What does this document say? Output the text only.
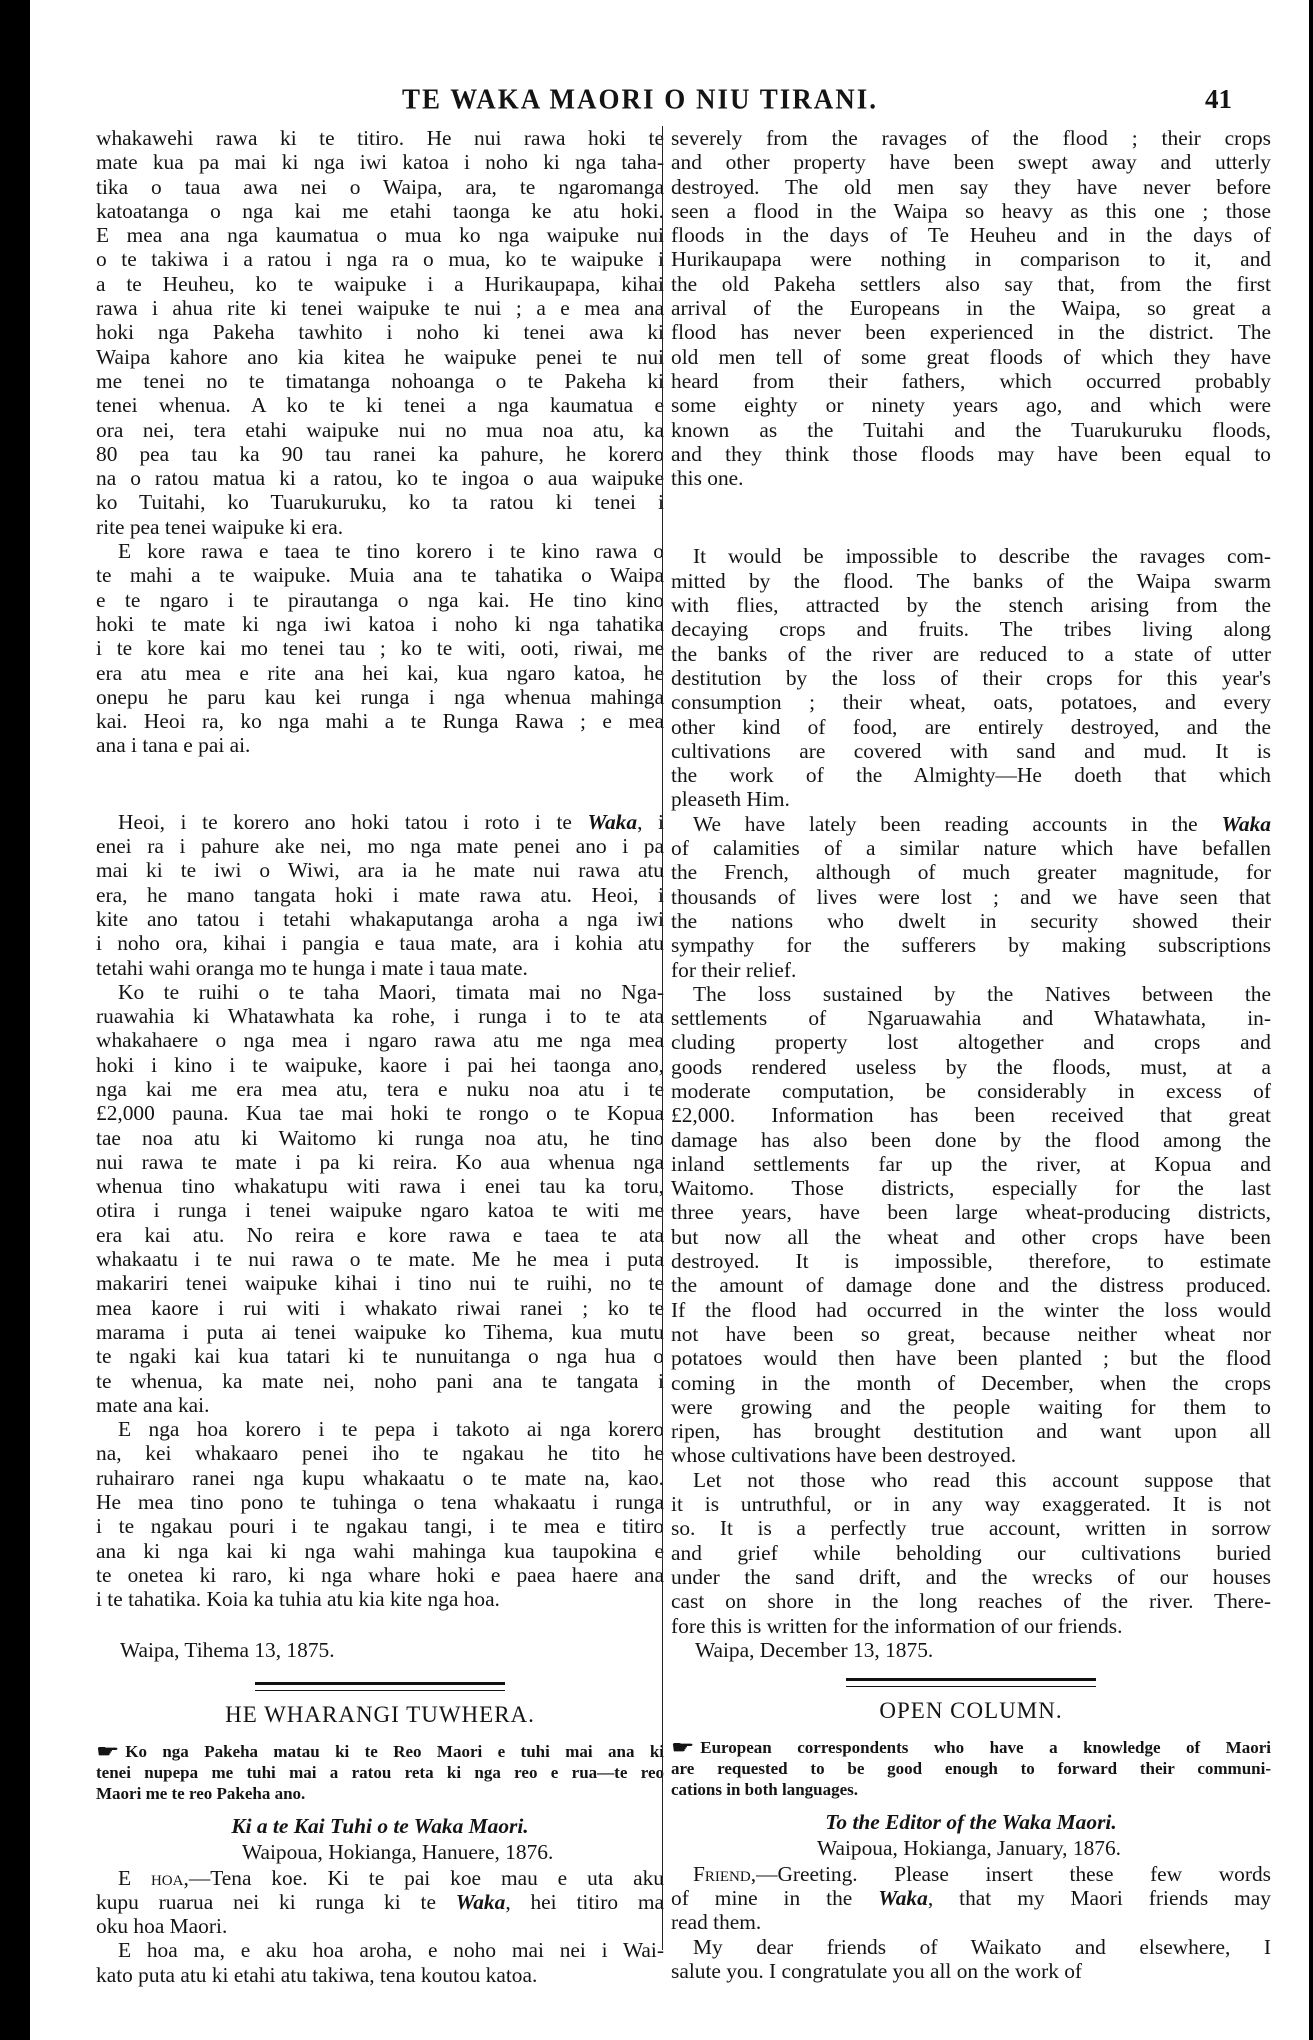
TE WAKA MAORI O NIU TIRANI.	41
whakawehi rawa ki te titiro. He nui rawa hoki te
mate kua pa mai ki nga iwi katoa i noho ki nga taha-
tika o taua awa nei o Waipa, ara, te ngaromanga
katoatanga o nga kai me etahi taonga ke atu hoki.
E mea ana nga kaumatua o mua ko nga waipuke nui
o te takiwa i a ratou i nga ra o mua, ko te waipuke i
a te Heuheu, ko te waipuke i a Hurikaupapa, kihai
rawa i ahua rite ki tenei waipuke te nui ; a e mea ana
hoki nga Pakeha tawhito i noho ki tenei awa ki
Waipa kahore ano kia kitea he waipuke penei te nui
me tenei no te timatanga nohoanga o te Pakeha ki
tenei whenua. A ko te ki tenei a nga kaumatua e
ora nei, tera etahi waipuke nui no mua noa atu, ka
80 pea tau ka 90 tau ranei ka pahure, he korero
na o ratou matua ki a ratou, ko te ingoa o aua waipuke
ko Tuitahi, ko Tuarukuruku, ko ta ratou ki tenei i
rite pea tenei waipuke ki era.
E kore rawa e taea te tino korero i te kino rawa o
te mahi a te waipuke. Muia ana te tahatika o Waipa
e te ngaro i te pirautanga o nga kai. He tino kino
hoki te mate ki nga iwi katoa i noho ki nga tahatika
i te kore kai mo tenei tau ; ko te witi, ooti, riwai, me
era atu mea e rite ana hei kai, kua ngaro katoa, he
onepu he paru kau kei runga i nga whenua mahinga
kai. Heoi ra, ko nga mahi a te Runga Rawa ; e mea
ana i tana e pai ai.
Heoi, i te korero ano hoki tatou i roto i te Waka, i
enei ra i pahure ake nei, mo nga mate penei ano i pa
mai ki te iwi o Wiwi, ara ia he mate nui rawa atu
era, he mano tangata hoki i mate rawa atu. Heoi, i
kite ano tatou i tetahi whakaputanga aroha a nga iwi
i noho ora, kihai i pangia e taua mate, ara i kohia atu
tetahi wahi oranga mo te hunga i mate i taua mate.
Ko te ruihi o te taha Maori, timata mai no Nga-
ruawahia ki Whatawhata ka rohe, i runga i to te ata
whakahaere o nga mea i ngaro rawa atu me nga mea
hoki i kino i te waipuke, kaore i pai hei taonga ano,
nga kai me era mea atu, tera e nuku noa atu i te
£2,000 pauna. Kua tae mai hoki te rongo o te Kopua
tae noa atu ki Waitomo ki runga noa atu, he tino
nui rawa te mate i pa ki reira. Ko aua whenua nga
whenua tino whakatupu witi rawa i enei tau ka toru,
otira i runga i tenei waipuke ngaro katoa te witi me
era kai atu. No reira e kore rawa e taea te ata
whakaatu i te nui rawa o te mate. Me he mea i puta
makariri tenei waipuke kihai i tino nui te ruihi, no te
mea kaore i rui witi i whakato riwai ranei ; ko te
marama i puta ai tenei waipuke ko Tihema, kua mutu
te ngaki kai kua tatari ki te nunuitanga o nga hua o
te whenua, ka mate nei, noho pani ana te tangata i
mate ana kai.
E nga hoa korero i te pepa i takoto ai nga korero
na, kei whakaaro penei iho te ngakau he tito he
ruhairaro ranei nga kupu whakaatu o te mate na, kao.
He mea tino pono te tuhinga o tena whakaatu i runga
i te ngakau pouri i te ngakau tangi, i te mea e titiro
ana ki nga kai ki nga wahi mahinga kua taupokina e
te onetea ki raro, ki nga whare hoki e paea haere ana
i te tahatika. Koia ka tuhia atu kia kite nga hoa.
Waipa, Tihema 13, 1875.
HE WHARANGI TUWHERA.
☛ Ko nga Pakeha matau ki te Reo Maori e tuhi mai ana ki
tenei nupepa me tuhi mai a ratou reta ki nga reo e rua—te reo
Maori me te reo Pakeha ano.
Ki a te Kai Tuhi o te Waka Maori.
Waipoua, Hokianga, Hanuere, 1876.
E hoa,—Tena koe. Ki te pai koe mau e uta aku
kupu ruarua nei ki runga ki te Waka, hei titiro ma
oku hoa Maori.
E hoa ma, e aku hoa aroha, e noho mai nei i Wai-
kato puta atu ki etahi atu takiwa, tena koutou katoa.
severely from the ravages of the flood ; their crops
and other property have been swept away and utterly
destroyed. The old men say they have never before
seen a flood in the Waipa so heavy as this one ; those
floods in the days of Te Heuheu and in the days of
Hurikaupapa were nothing in comparison to it, and
the old Pakeha settlers also say that, from the first
arrival of the Europeans in the Waipa, so great a
flood has never been experienced in the district. The
old men tell of some great floods of which they have
heard from their fathers, which occurred probably
some eighty or ninety years ago, and which were
known as the Tuitahi and the Tuarukuruku floods,
and they think those floods may have been equal to
this one.
It would be impossible to describe the ravages com-
mitted by the flood. The banks of the Waipa swarm
with flies, attracted by the stench arising from the
decaying crops and fruits. The tribes living along
the banks of the river are reduced to a state of utter
destitution by the loss of their crops for this year's
consumption ; their wheat, oats, potatoes, and every
other kind of food, are entirely destroyed, and the
cultivations are covered with sand and mud. It is
the work of the Almighty—He doeth that which
pleaseth Him.
We have lately been reading accounts in the Waka
of calamities of a similar nature which have befallen
the French, although of much greater magnitude, for
thousands of lives were lost ; and we have seen that
the nations who dwelt in security showed their
sympathy for the sufferers by making subscriptions
for their relief.
The loss sustained by the Natives between the
settlements of Ngaruawahia and Whatawhata, in-
cluding property lost altogether and crops and
goods rendered useless by the floods, must, at a
moderate computation, be considerably in excess of
£2,000. Information has been received that great
damage has also been done by the flood among the
inland settlements far up the river, at Kopua and
Waitomo. Those districts, especially for the last
three years, have been large wheat-producing districts,
but now all the wheat and other crops have been
destroyed. It is impossible, therefore, to estimate
the amount of damage done and the distress produced.
If the flood had occurred in the winter the loss would
not have been so great, because neither wheat nor
potatoes would then have been planted ; but the flood
coming in the month of December, when the crops
were growing and the people waiting for them to
ripen, has brought destitution and want upon all
whose cultivations have been destroyed.
Let not those who read this account suppose that
it is untruthful, or in any way exaggerated. It is not
so. It is a perfectly true account, written in sorrow
and grief while beholding our cultivations buried
under the sand drift, and the wrecks of our houses
cast on shore in the long reaches of the river. There-
fore this is written for the information of our friends.
Waipa, December 13, 1875.
OPEN COLUMN.
☛ European correspondents who have a knowledge of Maori
are requested to be good enough to forward their communi-
cations in both languages.
To the Editor of the Waka Maori.
Waipoua, Hokianga, January, 1876.
Friend,—Greeting. Please insert these few words
of mine in the Waka, that my Maori friends may
read them.
My dear friends of Waikato and elsewhere, I
salute you. I congratulate you all on the work of
